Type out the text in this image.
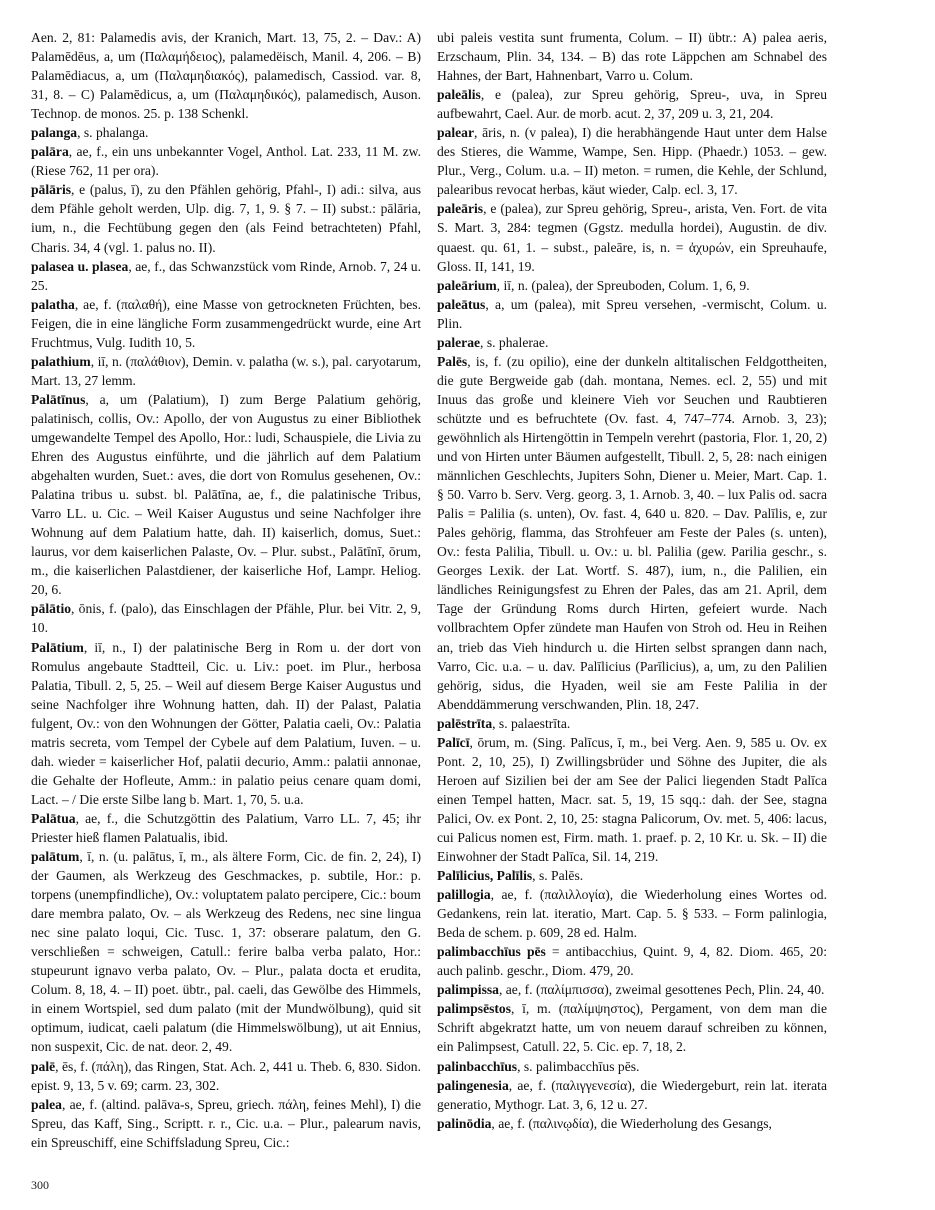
Aen. 2, 81: Palamedis avis, der Kranich, Mart. 13, 75, 2. – Dav.: A) Palamēdēus, a, um (Παλαμήδειος), palamedëisch, Manil. 4, 206. – B) Palamēdiacus, a, um (Παλαμηδιακός), palamedisch, Cassiod. var. 8, 31, 8. – C) Palamēdicus, a, um (Παλαμηδικός), palamedisch, Auson. Technop. de monos. 25. p. 138 Schenkl.

palanga, s. phalanga.

palāra, ae, f., ein uns unbekannter Vogel, Anthol. Lat. 233, 11 M. zw. (Riese 762, 11 per ora).

pālāris, e (palus, ī), zu den Pfählen gehörig, Pfahl-, I) adi.: silva, aus dem Pfähle geholt werden, Ulp. dig. 7, 1, 9. § 7. – II) subst.: pālāria, ium, n., die Fechtübung gegen den (als Feind betrachteten) Pfahl, Charis. 34, 4 (vgl. 1. palus no. II).

palasea u. plasea, ae, f., das Schwanzstück vom Rinde, Arnob. 7, 24 u. 25.

palatha, ae, f. (παλαθή), eine Masse von getrockneten Früchten, bes. Feigen, die in eine längliche Form zusammengedrückt wurde, eine Art Fruchtmus, Vulg. Iudith 10, 5.

palathium, iī, n. (παλάθιον), Demin. v. palatha (w. s.), pal. caryotarum, Mart. 13, 27 lemm.

Palātīnus, a, um (Palatium), I) zum Berge Palatium gehörig, palatinisch, collis, Ov.: Apollo, der von Augustus zu einer Bibliothek umgewandelte Tempel des Apollo, Hor.: ludi, Schauspiele, die Livia zu Ehren des Augustus einführte, und die jährlich auf dem Palatium abgehalten wurden, Suet.: aves, die dort von Romulus gesehenen, Ov.: Palatina tribus u. subst. bl. Palātīna, ae, f., die palatinische Tribus, Varro LL. u. Cic. – Weil Kaiser Augustus und seine Nachfolger ihre Wohnung auf dem Palatium hatte, dah. II) kaiserlich, domus, Suet.: laurus, vor dem kaiserlichen Palaste, Ov. – Plur. subst., Palātīnī, ōrum, m., die kaiserlichen Palastdiener, der kaiserliche Hof, Lampr. Heliog. 20, 6.

pālātio, ōnis, f. (palo), das Einschlagen der Pfähle, Plur. bei Vitr. 2, 9, 10.

Palātium, iī, n., I) der palatinische Berg in Rom u. der dort von Romulus angebaute Stadtteil, Cic. u. Liv.: poet. im Plur., herbosa Palatia, Tibull. 2, 5, 25. – Weil auf diesem Berge Kaiser Augustus und seine Nachfolger ihre Wohnung hatten, dah. II) der Palast, Palatia fulgent, Ov.: von den Wohnungen der Götter, Palatia caeli, Ov.: Palatia matris secreta, vom Tempel der Cybele auf dem Palatium, Iuven. – u. dah. wieder = kaiserlicher Hof, palatii decurio, Amm.: palatii annonae, die Gehalte der Hofleute, Amm.: in palatio peius cenare quam domi, Lact. – / Die erste Silbe lang b. Mart. 1, 70, 5. u.a.

Palātua, ae, f., die Schutzgöttin des Palatium, Varro LL. 7, 45; ihr Priester hieß flamen Palatualis, ibid.

palātum, ī, n. (u. palātus, ī, m., als ältere Form, Cic. de fin. 2, 24), I) der Gaumen, als Werkzeug des Geschmackes, p. subtile, Hor.: p. torpens (unempfindliche), Ov.: voluptatem palato percipere, Cic.: boum dare membra palato, Ov. – als Werkzeug des Redens, nec sine lingua nec sine palato loqui, Cic. Tusc. 1, 37: obserare palatum, den G. verschließen = schweigen, Catull.: ferire balba verba palato, Hor.: stupeurunt ignavo verba palato, Ov. – Plur., palata docta et erudita, Colum. 8, 18, 4. – II) poet. übtr., pal. caeli, das Gewölbe des Himmels, in einem Wortspiel, sed dum palato (mit der Mundwölbung), quid sit optimum, iudicat, caeli palatum (die Himmelswölbung), ut ait Ennius, non suspexit, Cic. de nat. deor. 2, 49.

palē, ēs, f. (πάλη), das Ringen, Stat. Ach. 2, 441 u. Theb. 6, 830. Sidon. epist. 9, 13, 5 v. 69; carm. 23, 302.

palea, ae, f. (altind. palāva-s, Spreu, griech. πάλη, feines Mehl), I) die Spreu, das Kaff, Sing., Scriptt. r. r., Cic. u.a. – Plur., palearum navis, ein Spreuschiff, eine Schiffsladung Spreu, Cic.:

ubi paleis vestita sunt frumenta, Colum. – II) übtr.: A) palea aeris, Erzschaum, Plin. 34, 134. – B) das rote Läppchen am Schnabel des Hahnes, der Bart, Hahnenbart, Varro u. Colum.

paleālis, e (palea), zur Spreu gehörig, Spreu-, uva, in Spreu aufbewahrt, Cael. Aur. de morb. acut. 2, 37, 209 u. 3, 21, 204.

palear, āris, n. (v palea), I) die herabhängende Haut unter dem Halse des Stieres, die Wamme, Wampe, Sen. Hipp. (Phaedr.) 1053. – gew. Plur., Verg., Colum. u.a. – II) meton. = rumen, die Kehle, der Schlund, palearibus revocat herbas, käut wieder, Calp. ecl. 3, 17.

paleāris, e (palea), zur Spreu gehörig, Spreu-, arista, Ven. Fort. de vita S. Mart. 3, 284: tegmen (Ggstz. medulla hordei), Augustin. de div. quaest. qu. 61, 1. – subst., paleāre, is, n. = ἀχυρών, ein Spreuhaufe, Gloss. II, 141, 19.

paleārium, iī, n. (palea), der Spreuboden, Colum. 1, 6, 9.

paleātus, a, um (palea), mit Spreu versehen, -vermischt, Colum. u. Plin.

palerae, s. phalerae.

Palēs, is, f. (zu opilio), eine der dunkeln altitalischen Feldgottheiten, die gute Bergweide gab (dah. montana, Nemes. ecl. 2, 55) und mit Inuus das große und kleinere Vieh vor Seuchen und Raubtieren schützte und es befruchtete (Ov. fast. 4, 747–774. Arnob. 3, 23); gewöhnlich als Hirtengöttin in Tempeln verehrt (pastoria, Flor. 1, 20, 2) und von Hirten unter Bäumen aufgestellt, Tibull. 2, 5, 28: nach einigen männlichen Geschlechts, Jupiters Sohn, Diener u. Meier, Mart. Cap. 1. § 50. Varro b. Serv. Verg. georg. 3, 1. Arnob. 3, 40. – lux Palis od. sacra Palis = Palilia (s. unten), Ov. fast. 4, 640 u. 820. – Dav. Palīlis, e, zur Pales gehörig, flamma, das Strohfeuer am Feste der Pales (s. unten), Ov.: festa Palilia, Tibull. u. Ov.: u. bl. Palilia (gew. Parilia geschr., s. Georges Lexik. der Lat. Wortf. S. 487), ium, n., die Palilien, ein ländliches Reinigungsfest zu Ehren der Pales, das am 21. April, dem Tage der Gründung Roms durch Hirten, gefeiert wurde. Nach vollbrachtem Opfer zündete man Haufen von Stroh od. Heu in Reihen an, trieb das Vieh hindurch u. die Hirten selbst sprangen dann nach, Varro, Cic. u.a. – u. dav. Palīlicius (Parīlicius), a, um, zu den Palilien gehörig, sidus, die Hyaden, weil sie am Feste Palilia in der Abenddämmerung verschwanden, Plin. 18, 247.

palēstrīta, s. palaestrīta.

Palīcī, ōrum, m. (Sing. Palīcus, ī, m., bei Verg. Aen. 9, 585 u. Ov. ex Pont. 2, 10, 25), I) Zwillingsbrüder und Söhne des Jupiter, die als Heroen auf Sizilien bei der am See der Palici liegenden Stadt Palīca einen Tempel hatten, Macr. sat. 5, 19, 15 sqq.: dah. der See, stagna Palici, Ov. ex Pont. 2, 10, 25: stagna Palicorum, Ov. met. 5, 406: lacus, cui Palicus nomen est, Firm. math. 1. praef. p. 2, 10 Kr. u. Sk. – II) die Einwohner der Stadt Palīca, Sil. 14, 219.

Palīlicius, Palīlis, s. Palēs.

palillogia, ae, f. (παλιλλογία), die Wiederholung eines Wortes od. Gedankens, rein lat. iteratio, Mart. Cap. 5. § 533. – Form palinlogia, Beda de schem. p. 609, 28 ed. Halm.

palimbacchīus pēs = antibacchius, Quint. 9, 4, 82. Diom. 465, 20: auch palinb. geschr., Diom. 479, 20.

palimpissa, ae, f. (παλίμπισσα), zweimal gesottenes Pech, Plin. 24, 40.

palimpsēstos, ī, m. (παλίμψηστος), Pergament, von dem man die Schrift abgekratzt hatte, um von neuem darauf schreiben zu können, ein Palimpsest, Catull. 22, 5. Cic. ep. 7, 18, 2.

palinbacchīus, s. palimbacchīus pēs.

palingenesia, ae, f. (παλιγγενεσία), die Wiedergeburt, rein lat. iterata generatio, Mythogr. Lat. 3, 6, 12 u. 27.

palinōdia, ae, f. (παλινῳδία), die Wiederholung des Gesangs,

300
